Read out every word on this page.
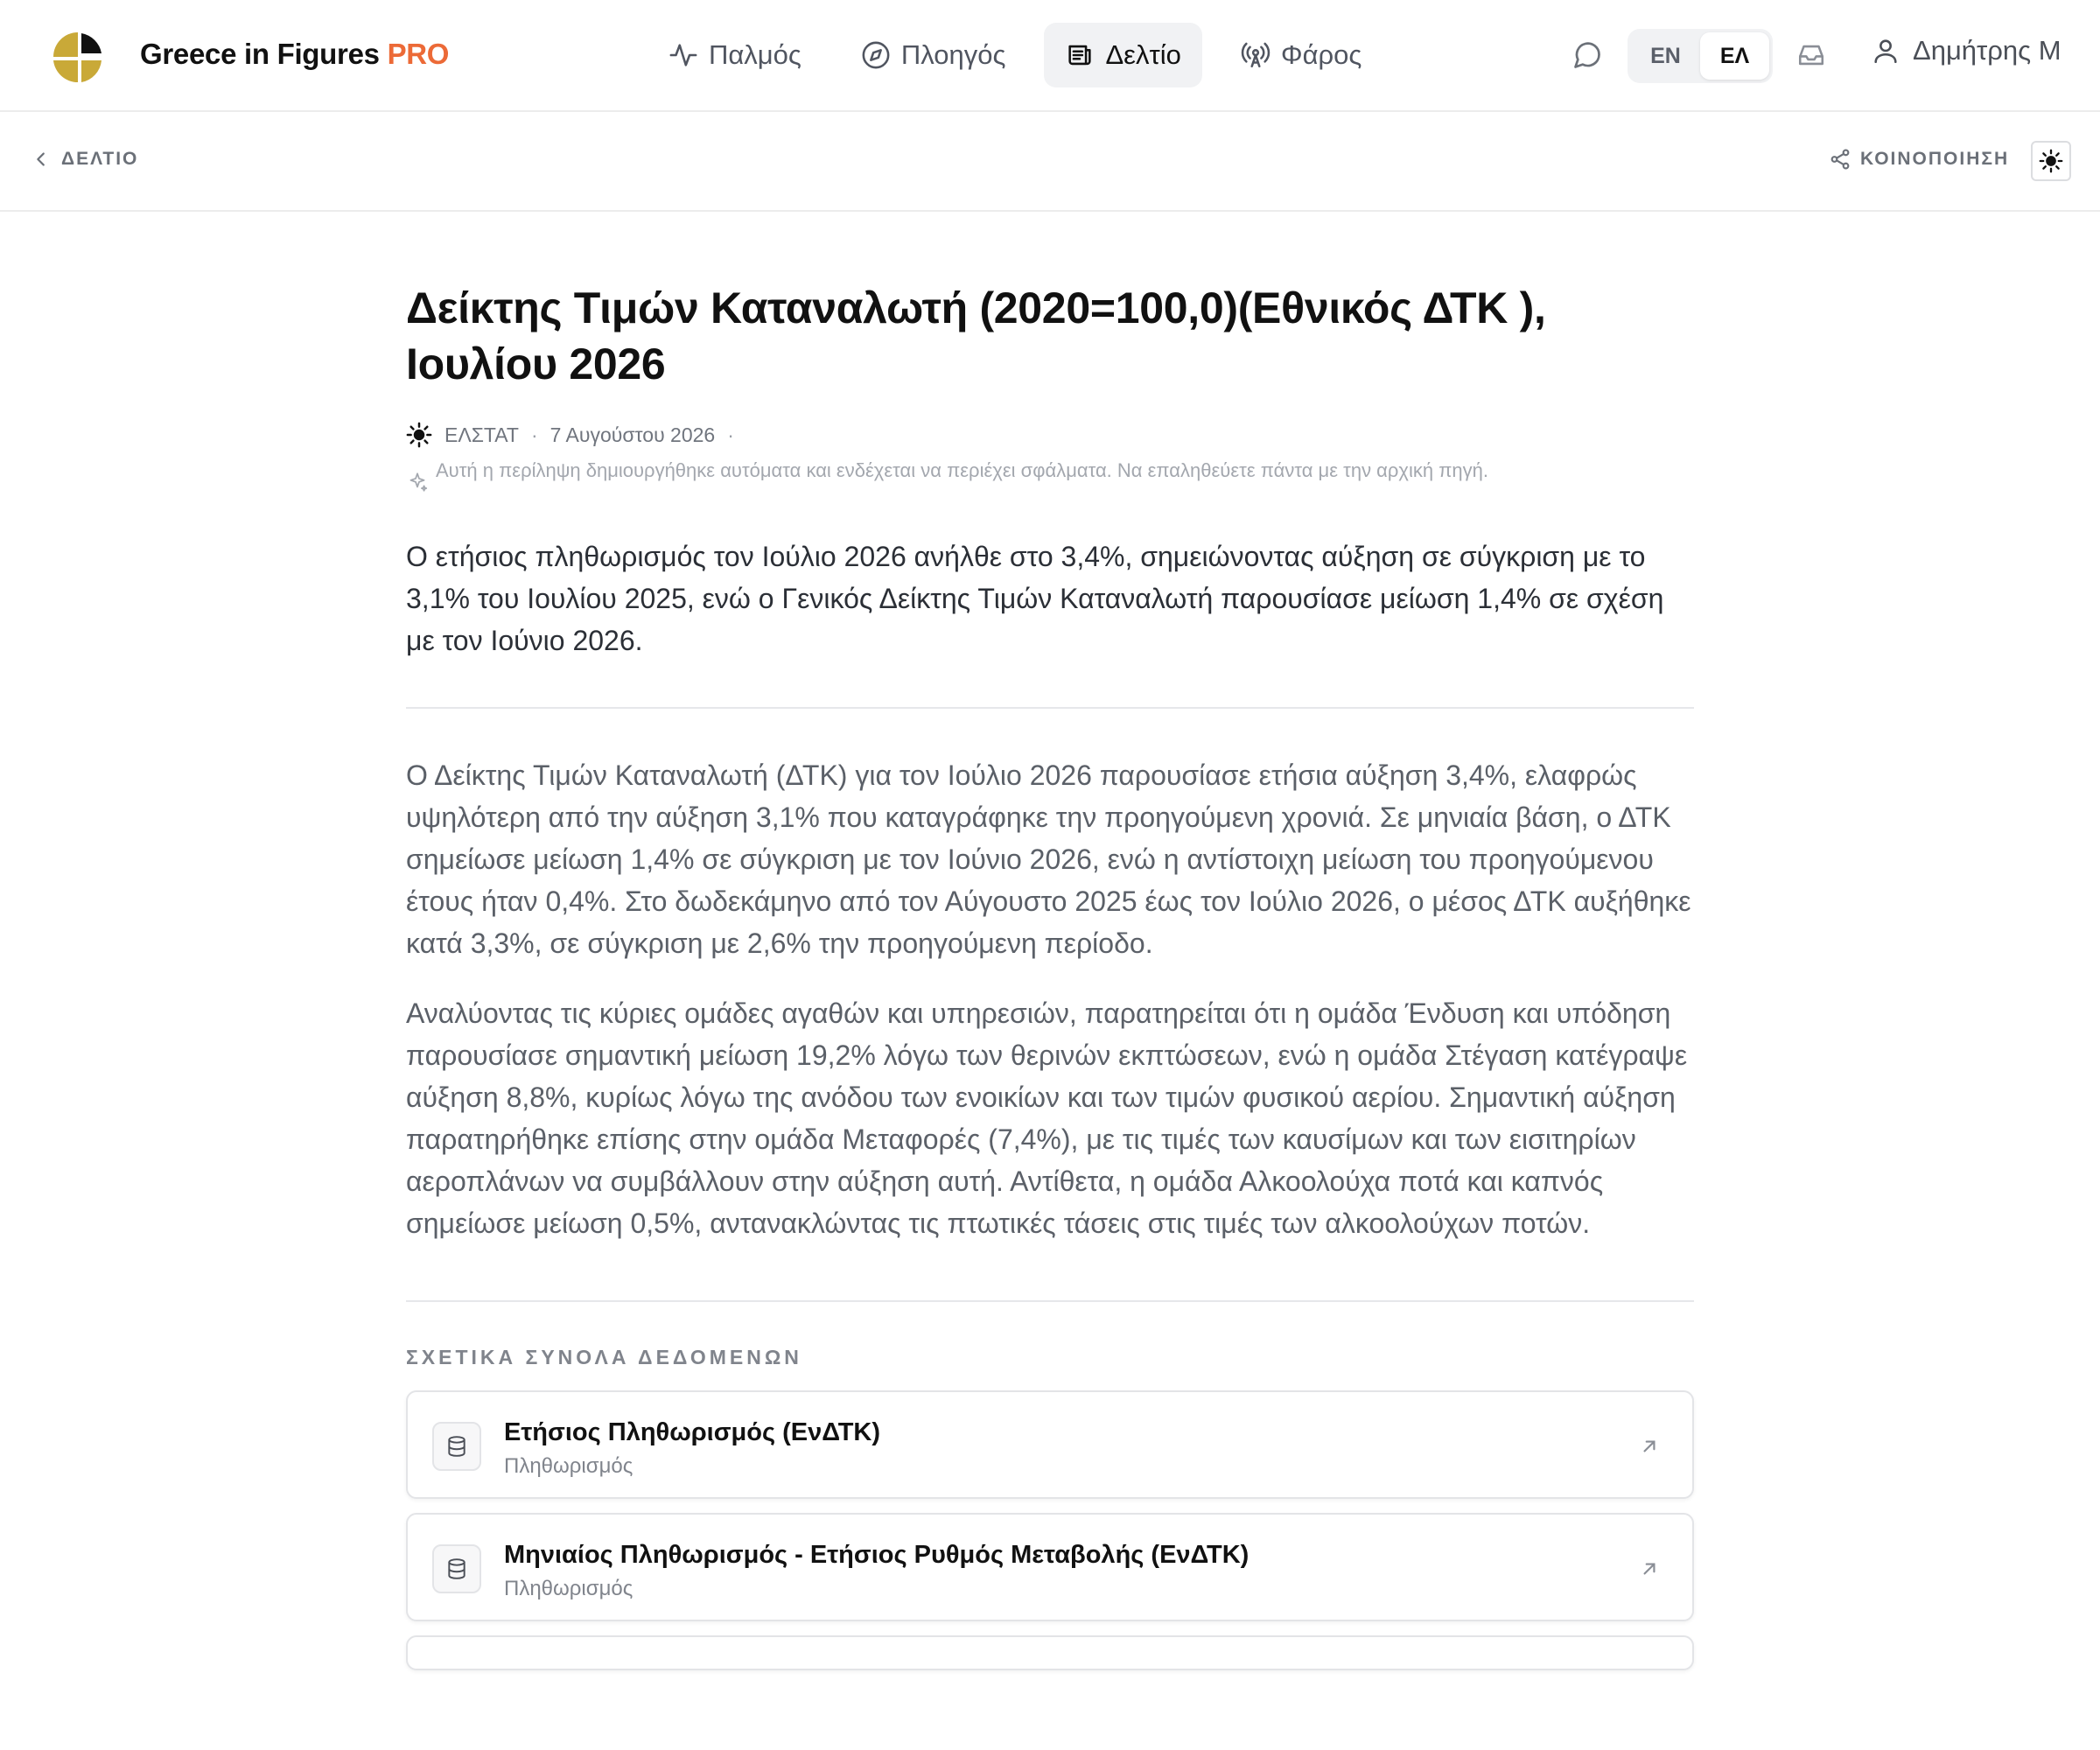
Greece in Figures PRO	Παλμός	Πλοηγός	Δελτίο	Φάρος	EN	ΕΛ	Δημήτρης Μ
ΔΕΛΤΙΟ	ΚΟΙΝΟΠΟΙΗΣΗ
Δείκτης Τιμών Καταναλωτή (2020=100,0)(Εθνικός ΔΤΚ ), Ιουλίου 2026
ΕΛΣΤΑΤ · 7 Αυγούστου 2026 ·
Αυτή η περίληψη δημιουργήθηκε αυτόματα και ενδέχεται να περιέχει σφάλματα. Να επαληθεύετε πάντα με την αρχική πηγή.

Ο ετήσιος πληθωρισμός τον Ιούλιο 2026 ανήλθε στο 3,4%, σημειώνοντας αύξηση σε σύγκριση με το 3,1% του Ιουλίου 2025, ενώ ο Γενικός Δείκτης Τιμών Καταναλωτή παρουσίασε μείωση 1,4% σε σχέση με τον Ιούνιο 2026.

Ο Δείκτης Τιμών Καταναλωτή (ΔΤΚ) για τον Ιούλιο 2026 παρουσίασε ετήσια αύξηση 3,4%, ελαφρώς υψηλότερη από την αύξηση 3,1% που καταγράφηκε την προηγούμενη χρονιά. Σε μηνιαία βάση, ο ΔΤΚ σημείωσε μείωση 1,4% σε σύγκριση με τον Ιούνιο 2026, ενώ η αντίστοιχη μείωση του προηγούμενου έτους ήταν 0,4%. Στο δωδεκάμηνο από τον Αύγουστο 2025 έως τον Ιούλιο 2026, ο μέσος ΔΤΚ αυξήθηκε κατά 3,3%, σε σύγκριση με 2,6% την προηγούμενη περίοδο.

Αναλύοντας τις κύριες ομάδες αγαθών και υπηρεσιών, παρατηρείται ότι η ομάδα Ένδυση και υπόδηση παρουσίασε σημαντική μείωση 19,2% λόγω των θερινών εκπτώσεων, ενώ η ομάδα Στέγαση κατέγραψε αύξηση 8,8%, κυρίως λόγω της ανόδου των ενοικίων και των τιμών φυσικού αερίου. Σημαντική αύξηση παρατηρήθηκε επίσης στην ομάδα Μεταφορές (7,4%), με τις τιμές των καυσίμων και των εισιτηρίων αεροπλάνων να συμβάλλουν στην αύξηση αυτή. Αντίθετα, η ομάδα Αλκοολούχα ποτά και καπνός σημείωσε μείωση 0,5%, αντανακλώντας τις πτωτικές τάσεις στις τιμές των αλκοολούχων ποτών.

ΣΧΕΤΙΚΑ ΣΥΝΟΛΑ ΔΕΔΟΜΕΝΩΝ
Ετήσιος Πληθωρισμός (ΕνΔΤΚ)
Πληθωρισμός
Μηνιαίος Πληθωρισμός - Ετήσιος Ρυθμός Μεταβολής (ΕνΔΤΚ)
Πληθωρισμός
